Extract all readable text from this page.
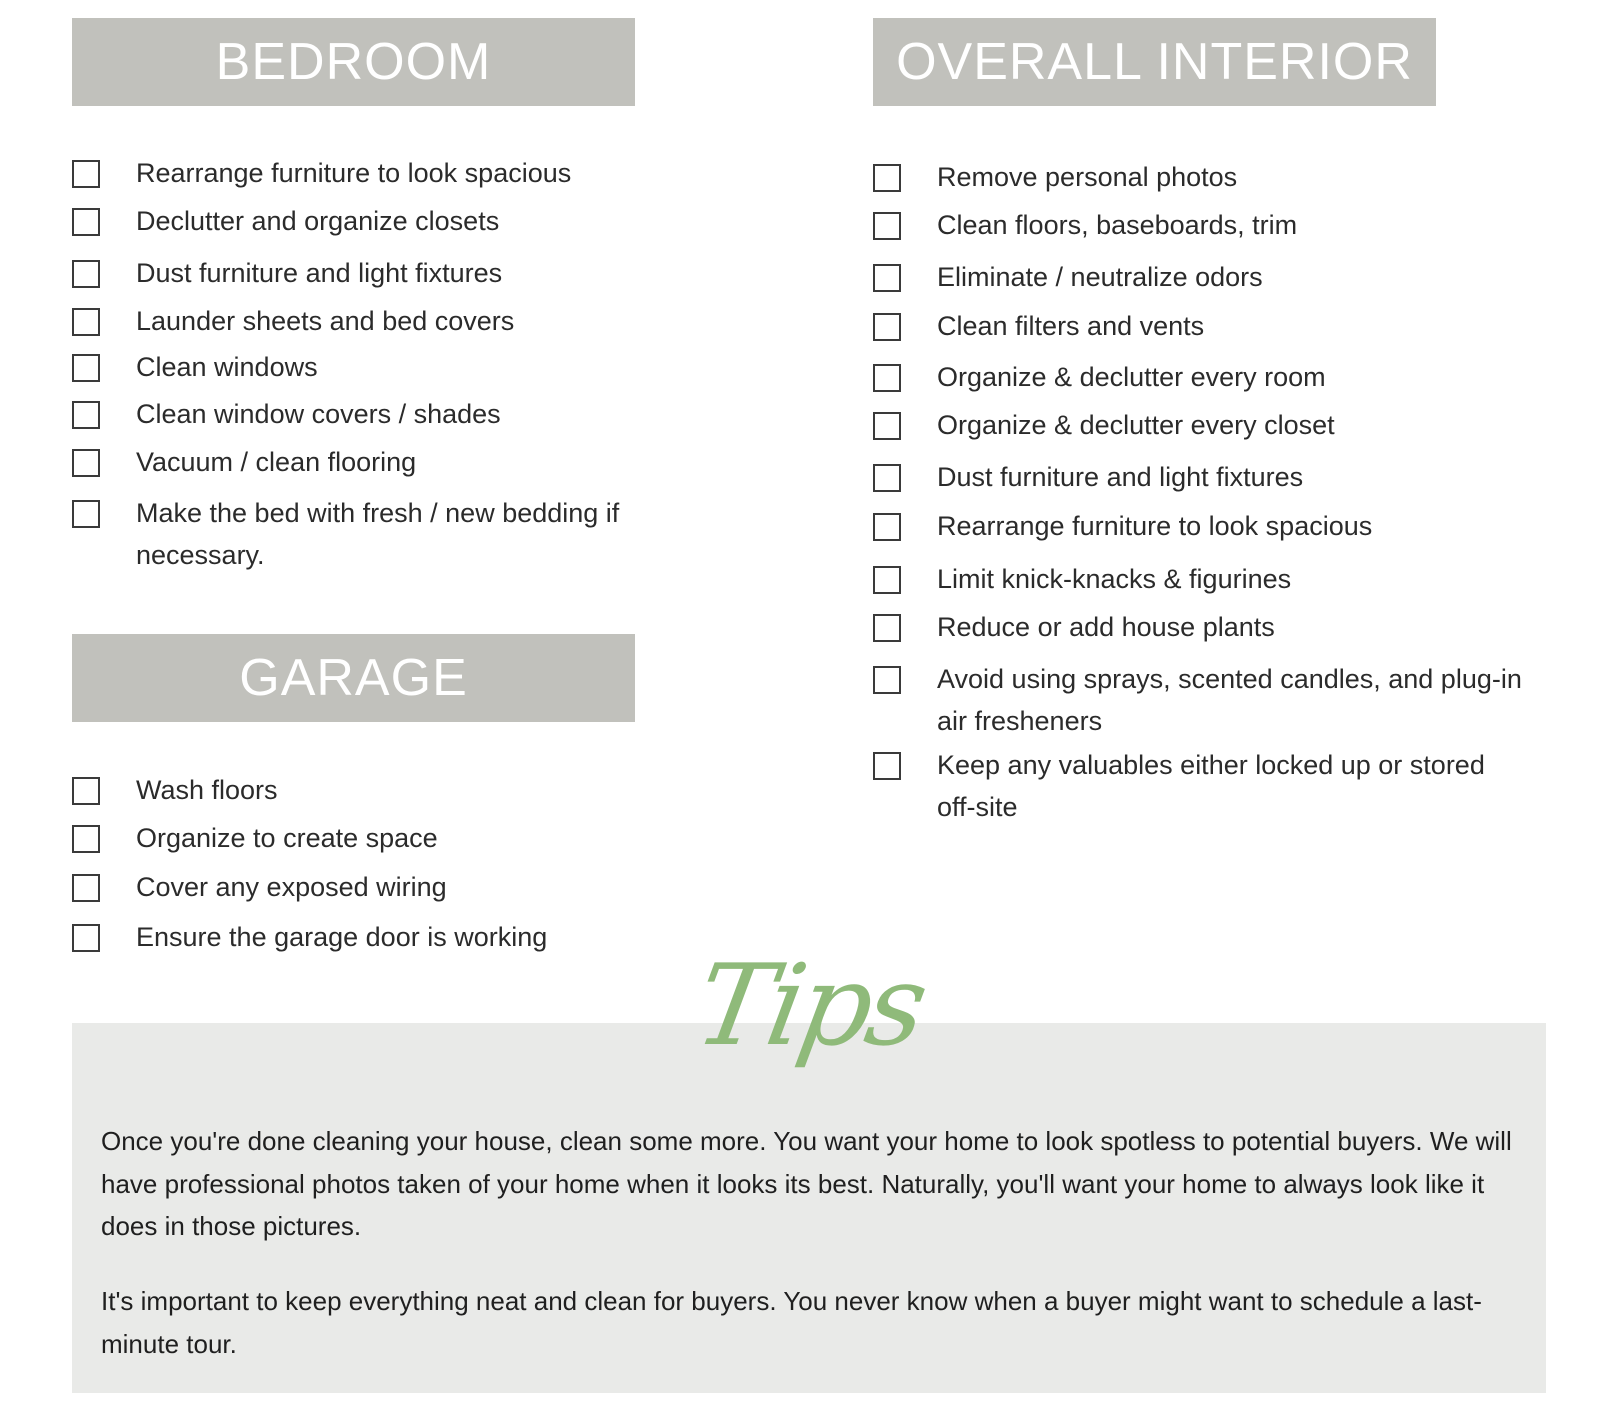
BEDROOM
Rearrange furniture to look spacious
Declutter and organize closets
Dust furniture and light fixtures
Launder sheets and bed covers
Clean windows
Clean window covers / shades
Vacuum / clean flooring
Make the bed with fresh / new bedding if necessary.
GARAGE
Wash floors
Organize to create space
Cover any exposed wiring
Ensure the garage door is working
OVERALL INTERIOR
Remove personal photos
Clean floors, baseboards, trim
Eliminate / neutralize odors
Clean filters and vents
Organize & declutter every room
Organize & declutter every closet
Dust furniture and light fixtures
Rearrange furniture to look spacious
Limit knick-knacks & figurines
Reduce or add house plants
Avoid using sprays, scented candles, and plug-in air fresheners
Keep any valuables either locked up or stored off-site
Tips

Once you're done cleaning your house, clean some more. You want your home to look spotless to potential buyers. We will have professional photos taken of your home when it looks its best. Naturally, you'll want your home to always look like it does in those pictures.

It's important to keep everything neat and clean for buyers. You never know when a buyer might want to schedule a last-minute tour.
